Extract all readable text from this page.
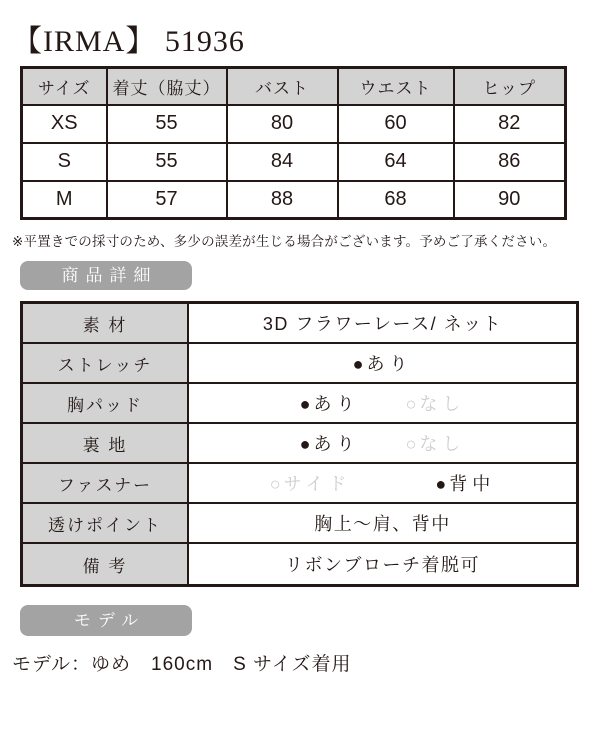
【IRMA】 51936
サイズ	着丈（脇丈）	バスト	ウエスト	ヒップ
XS	55	80	60	82
S	55	84	64	86
M	57	88	68	90
※平置きでの採寸のため、多少の誤差が生じる場合がございます。予めご了承ください。
商品詳細
素 材	3D フラワーレース/ ネット
ストレッチ	● あり
胸パッド	● あり	○ なし
裏 地	● あり	○ なし
ファスナー	○ サイド	● 背中
透けポイント	胸上〜肩、背中
備 考	リボンブローチ着脱可
モデル
モデル：ゆめ　160cm　S サイズ着用
